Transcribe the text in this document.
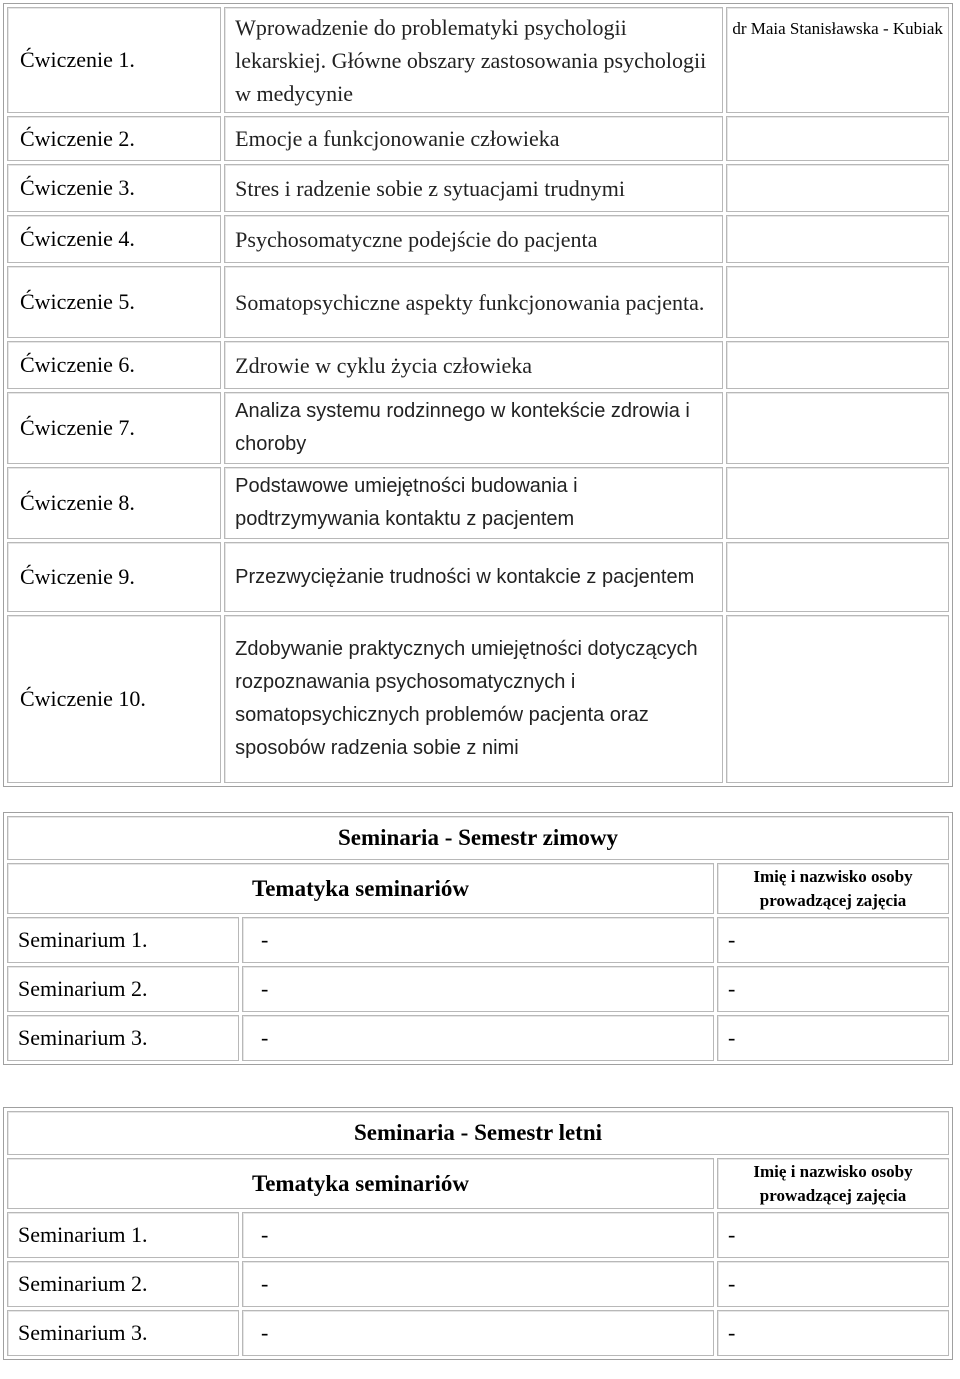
Ćwiczenie 1.	Wprowadzenie do problematyki psychologii lekarskiej. Główne obszary zastosowania psychologii w medycynie	dr Maia Stanisławska - Kubiak
Ćwiczenie 2.	Emocje a funkcjonowanie człowieka	
Ćwiczenie 3.	Stres i radzenie sobie z sytuacjami trudnymi	
Ćwiczenie 4.	Psychosomatyczne podejście do pacjenta	
Ćwiczenie 5.	Somatopsychiczne aspekty funkcjonowania pacjenta.	
Ćwiczenie 6.	Zdrowie w cyklu życia człowieka	
Ćwiczenie 7.	Analiza systemu rodzinnego w kontekście zdrowia i choroby	
Ćwiczenie 8.	Podstawowe umiejętności budowania i podtrzymywania kontaktu z pacjentem	
Ćwiczenie 9.	Przezwyciężanie trudności w kontakcie z pacjentem	
Ćwiczenie 10.	Zdobywanie praktycznych umiejętności dotyczących rozpoznawania psychosomatycznych i somatopsychicznych problemów pacjenta oraz sposobów radzenia sobie z nimi	
Seminaria - Semestr zimowy		
Tematyka seminariów		Imię i nazwisko osoby prowadzącej zajęcia
Seminarium 1.	-	-
Seminarium 2.	-	-
Seminarium 3.	-	-
Seminaria - Semestr letni		
Tematyka seminariów		Imię i nazwisko osoby prowadzącej zajęcia
Seminarium 1.	-	-
Seminarium 2.	-	-
Seminarium 3.	-	-
